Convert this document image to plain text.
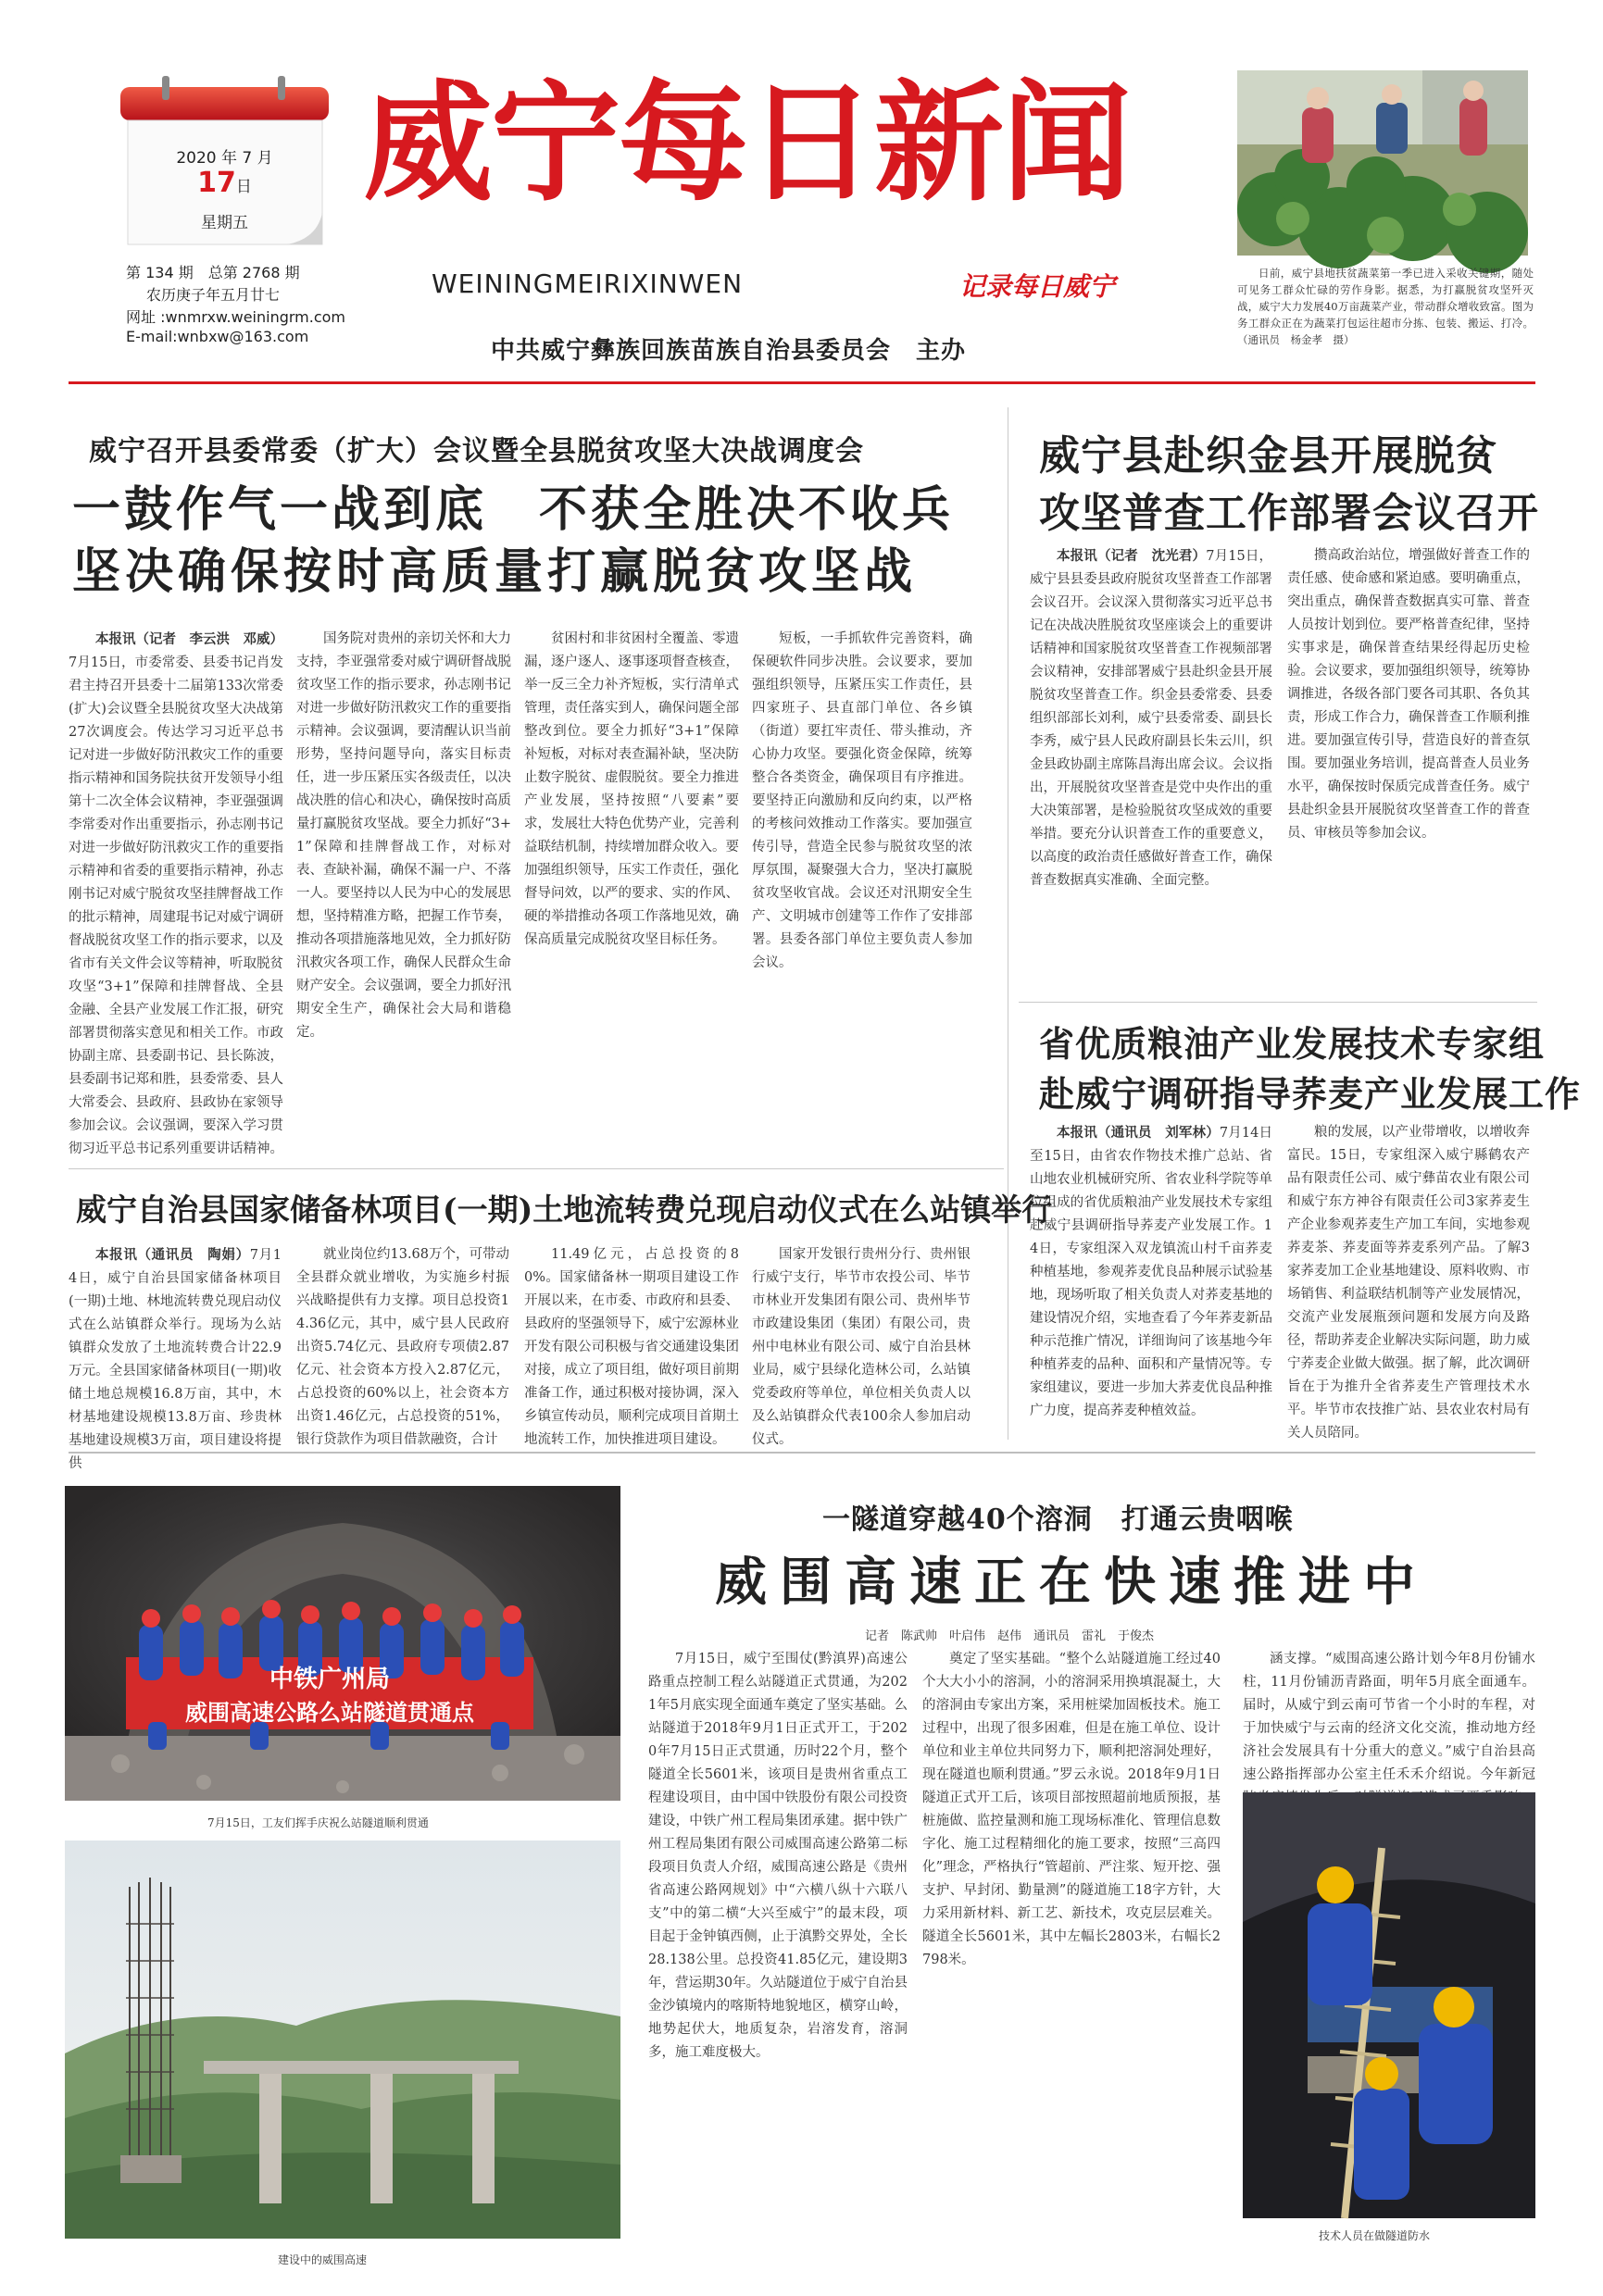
2020 年 7 月
17日
星期五
第 134 期　总第 2768 期
农历庚子年五月廿七
网址 :wnmrxw.weiningrm.com
E-mail:wnbxw@163.com
威宁每日新闻
WEININGMEIRIXINWEN	记录每日威宁
中共威宁彝族回族苗族自治县委员会　主办
日前，威宁县地扶贫蔬菜第一季已进入采收关键期，随处可见务工群众忙碌的劳作身影。据悉，为打赢脱贫攻坚歼灭战，威宁大力发展40万亩蔬菜产业，带动群众增收致富。图为务工群众正在为蔬菜打包运往超市分拣、包装、搬运、打冷。（通讯员　杨金孝　摄）
威宁召开县委常委（扩大）会议暨全县脱贫攻坚大决战调度会
一鼓作气一战到底　不获全胜决不收兵
坚决确保按时高质量打赢脱贫攻坚战

本报讯（记者　李云洪　邓威）7月15日，市委常委、县委书记肖发君主持召开县委十二届第133次常委(扩大)会议暨全县脱贫攻坚大决战第27次调度会。传达学习习近平总书记对进一步做好防汛救灾工作的重要指示精神和国务院扶贫开发领导小组第十二次全体会议精神，李亚强强调李常委对作出重要指示，孙志刚书记对进一步做好防汛救灾工作的重要指示精神和省委的重要指示精神，孙志刚书记对威宁脱贫攻坚挂牌督战工作的批示精神，周建琨书记对威宁调研督战脱贫攻坚工作的指示要求，以及省市有关文件会议等精神，听取脱贫攻坚“3+1”保障和挂牌督战、全县金融、全县产业发展工作汇报，研究部署贯彻落实意见和相关工作。市政协副主席、县委副书记、县长陈波，县委副书记郑和胜，县委常委、县人大常委会、县政府、县政协在家领导参加会议。会议强调，要深入学习贯彻习近平总书记系列重要讲话精神。

国务院对贵州的亲切关怀和大力支持，李亚强常委对威宁调研督战脱贫攻坚工作的指示要求，孙志刚书记对进一步做好防汛救灾工作的重要指示精神。会议强调，要清醒认识当前形势，坚持问题导向，落实目标责任，进一步压紧压实各级责任，以决战决胜的信心和决心，确保按时高质量打赢脱贫攻坚战。要全力抓好“3+1”保障和挂牌督战工作，对标对表、查缺补漏，确保不漏一户、不落一人。要坚持以人民为中心的发展思想，坚持精准方略，把握工作节奏，推动各项措施落地见效，全力抓好防汛救灾各项工作，确保人民群众生命财产安全。会议强调，要全力抓好汛期安全生产，确保社会大局和谐稳定。

贫困村和非贫困村全覆盖、零遗漏，逐户逐人、逐事逐项督查核查，举一反三全力补齐短板，实行清单式管理，责任落实到人，确保问题全部整改到位。要全力抓好“3+1”保障补短板，对标对表查漏补缺，坚决防止数字脱贫、虚假脱贫。要全力推进产业发展，坚持按照“八要素”要求，发展壮大特色优势产业，完善利益联结机制，持续增加群众收入。要加强组织领导，压实工作责任，强化督导问效，以严的要求、实的作风、硬的举措推动各项工作落地见效，确保高质量完成脱贫攻坚目标任务。

短板，一手抓软件完善资料，确保硬软件同步决胜。会议要求，要加强组织领导，压紧压实工作责任，县四家班子、县直部门单位、各乡镇（街道）要扛牢责任、带头推动，齐心协力攻坚。要强化资金保障，统筹整合各类资金，确保项目有序推进。要坚持正向激励和反向约束，以严格的考核问效推动工作落实。要加强宣传引导，营造全民参与脱贫攻坚的浓厚氛围，凝聚强大合力，坚决打赢脱贫攻坚收官战。会议还对汛期安全生产、文明城市创建等工作作了安排部署。县委各部门单位主要负责人参加会议。

威宁县赴织金县开展脱贫
攻坚普查工作部署会议召开

本报讯（记者　沈光君）7月15日，威宁县县委县政府脱贫攻坚普查工作部署会议召开。会议深入贯彻落实习近平总书记在决战决胜脱贫攻坚座谈会上的重要讲话精神和国家脱贫攻坚普查工作视频部署会议精神，安排部署威宁县赴织金县开展脱贫攻坚普查工作。织金县委常委、县委组织部部长刘利，威宁县委常委、副县长李秀，威宁县人民政府副县长朱云川，织金县政协副主席陈昌海出席会议。会议指出，开展脱贫攻坚普查是党中央作出的重大决策部署，是检验脱贫攻坚成效的重要举措。要充分认识普查工作的重要意义，以高度的政治责任感做好普查工作，确保普查数据真实准确、全面完整。

攒高政治站位，增强做好普查工作的责任感、使命感和紧迫感。要明确重点，突出重点，确保普查数据真实可靠、普查人员按计划到位。要严格普查纪律，坚持实事求是，确保普查结果经得起历史检验。会议要求，要加强组织领导，统筹协调推进，各级各部门要各司其职、各负其责，形成工作合力，确保普查工作顺利推进。要加强宣传引导，营造良好的普查氛围。要加强业务培训，提高普查人员业务水平，确保按时保质完成普查任务。威宁县赴织金县开展脱贫攻坚普查工作的普查员、审核员等参加会议。

省优质粮油产业发展技术专家组
赴威宁调研指导荞麦产业发展工作

本报讯（通讯员　刘军林）7月14日至15日，由省农作物技术推广总站、省山地农业机械研究所、省农业科学院等单位组成的省优质粮油产业发展技术专家组赴威宁县调研指导荞麦产业发展工作。14日，专家组深入双龙镇流山村千亩荞麦种植基地，参观荞麦优良品种展示试验基地，现场听取了相关负责人对荞麦基地的建设情况介绍，实地查看了今年荞麦新品种示范推广情况，详细询问了该基地今年种植荞麦的品种、面积和产量情况等。专家组建议，要进一步加大荞麦优良品种推广力度，提高荞麦种植效益。

粮的发展，以产业带增收，以增收奔富民。15日，专家组深入威宁縣鹤农产品有限责任公司、威宁彝苗农业有限公司和威宁东方神谷有限责任公司3家荞麦生产企业参观荞麦生产加工车间，实地参观荞麦茶、荞麦面等荞麦系列产品。了解3家荞麦加工企业基地建设、原料收购、市场销售、利益联结机制等产业发展情况，交流产业发展瓶颈问题和发展方向及路径，帮助荞麦企业解决实际问题，助力威宁荞麦企业做大做强。据了解，此次调研旨在于为推升全省荞麦生产管理技术水平。毕节市农技推广站、县农业农村局有关人员陪同。

威宁自治县国家储备林项目(一期)土地流转费兑现启动仪式在么站镇举行

本报讯（通讯员　陶娟）7月14日，威宁自治县国家储备林项目(一期)土地、林地流转费兑现启动仪式在么站镇群众举行。现场为么站镇群众发放了土地流转费合计22.9万元。全县国家储备林项目(一期)收储土地总规模16.8万亩，其中，木材基地建设规模13.8万亩、珍贵林基地建设规模3万亩，项目建设将提供

就业岗位约13.68万个，可带动全县群众就业增收，为实施乡村振兴战略提供有力支撑。项目总投资14.36亿元，其中，威宁县人民政府出资5.74亿元、县政府专项债2.87亿元、社会资本方投入2.87亿元，占总投资的60%以上，社会资本方出资1.46亿元，占总投资的51%，银行贷款作为项目借款融资，合计

11.49亿元，占总投资的80%。国家储备林一期项目建设工作开展以来，在市委、市政府和县委、县政府的坚强领导下，威宁宏源林业开发有限公司积极与省交通建设集团对接，成立了项目组，做好项目前期准备工作，通过积极对接协调，深入乡镇宣传动员，顺利完成项目首期土地流转工作，加快推进项目建设。

国家开发银行贵州分行、贵州银行威宁支行，毕节市农投公司、毕节市林业开发集团有限公司、贵州毕节市政建设集团（集团）有限公司，贵州中电林业有限公司、威宁自治县林业局，威宁县绿化造林公司，么站镇党委政府等单位，单位相关负责人以及么站镇群众代表100余人参加启动仪式。

中铁广州局
威围高速公路么站隧道贯通点
7月15日，工友们挥手庆祝么站隧道顺利贯通
建设中的威围高速
一隧道穿越40个溶洞　打通云贵咽喉
威围高速正在快速推进中
记者　陈武帅　叶启伟　赵伟　通讯员　雷礼　于俊杰

7月15日，威宁至围仗(黔滇界)高速公路重点控制工程么站隧道正式贯通，为2021年5月底实现全面通车奠定了坚实基础。么站隧道于2018年9月1日正式开工，于2020年7月15日正式贯通，历时22个月，整个隧道全长5601米，该项目是贵州省重点工程建设项目，由中国中铁股份有限公司投资建设，中铁广州工程局集团承建。据中铁广州工程局集团有限公司威围高速公路第二标段项目负责人介绍，威围高速公路是《贵州省高速公路网规划》中“六横八纵十六联八支”中的第二横“大兴至威宁”的最末段，项目起于金钟镇西侧，止于滇黔交界处，全长28.138公里。总投资41.85亿元，建设期3年，营运期30年。久站隧道位于威宁自治县金沙镇境内的喀斯特地貌地区，横穿山岭，地势起伏大，地质复杂，岩溶发育，溶洞多，施工难度极大。

奠定了坚实基础。“整个么站隧道施工经过40个大大小小的溶洞，小的溶洞采用换填混凝土，大的溶洞由专家出方案，采用桩梁加固板技术。施工过程中，出现了很多困难，但是在施工单位、设计单位和业主单位共同努力下，顺利把溶洞处理好，现在隧道也顺利贯通。”罗云永说。2018年9月1日隧道正式开工后，该项目部按照超前地质预报，基桩施做、监控量测和施工现场标准化、管理信息数字化、施工过程精细化的施工要求，按照“三高四化”理念，严格执行“管超前、严注浆、短开挖、强支护、早封闭、勤量测”的隧道施工18字方针，大力采用新材料、新工艺、新技术，攻克层层难关。隧道全长5601米，其中左幅长2803米，右幅长2798米。

涵支撑。“威围高速公路计划今年8月份铺水柱，11月份铺沥青路面，明年5月底全面通车。届时，从威宁到云南可节省一个小时的车程，对于加快威宁与云南的经济文化交流，推动地方经济社会发展具有十分重大的意义。”威宁自治县高速公路指挥部办公室主任禾禾介绍说。今年新冠

技术人员在做隧道防水
